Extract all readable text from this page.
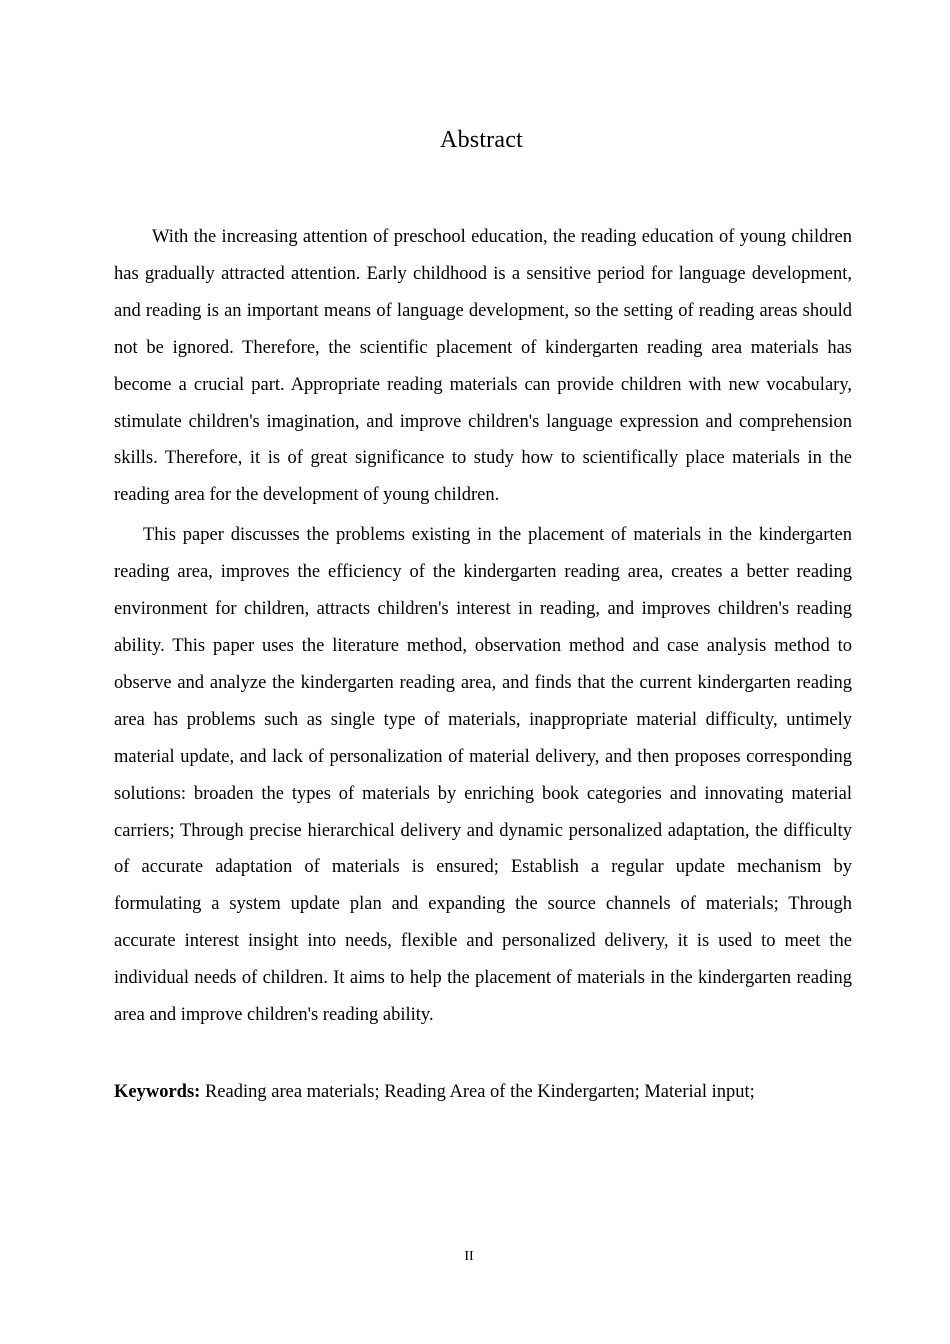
Abstract

With the increasing attention of preschool education, the reading education of young children has gradually attracted attention. Early childhood is a sensitive period for language development, and reading is an important means of language development, so the setting of reading areas should not be ignored. Therefore, the scientific placement of kindergarten reading area materials has become a crucial part. Appropriate reading materials can provide children with new vocabulary, stimulate children's imagination, and improve children's language expression and comprehension skills. Therefore, it is of great significance to study how to scientifically place materials in the reading area for the development of young children.

This paper discusses the problems existing in the placement of materials in the kindergarten reading area, improves the efficiency of the kindergarten reading area, creates a better reading environment for children, attracts children's interest in reading, and improves children's reading ability. This paper uses the literature method, observation method and case analysis method to observe and analyze the kindergarten reading area, and finds that the current kindergarten reading area has problems such as single type of materials, inappropriate material difficulty, untimely material update, and lack of personalization of material delivery, and then proposes corresponding solutions: broaden the types of materials by enriching book categories and innovating material carriers; Through precise hierarchical delivery and dynamic personalized adaptation, the difficulty of accurate adaptation of materials is ensured; Establish a regular update mechanism by formulating a system update plan and expanding the source channels of materials; Through accurate interest insight into needs, flexible and personalized delivery, it is used to meet the individual needs of children. It aims to help the placement of materials in the kindergarten reading area and improve children's reading ability.

Keywords: Reading area materials; Reading Area of the Kindergarten; Material input;
II
